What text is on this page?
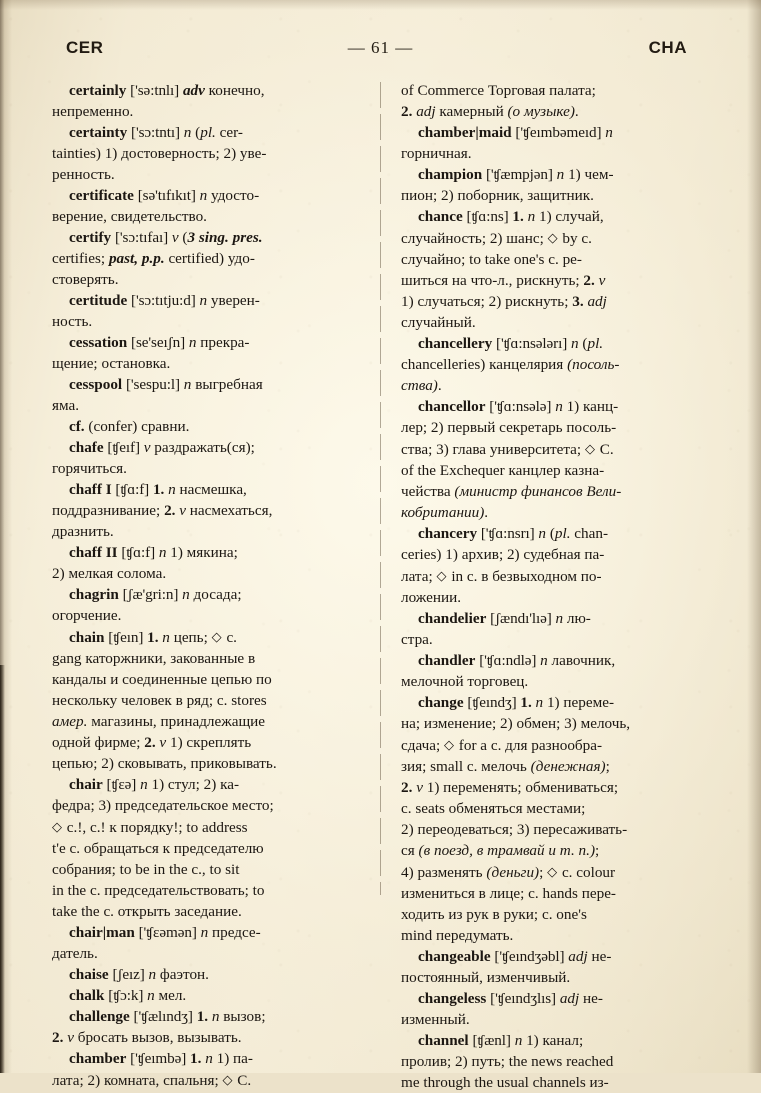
CER	— 61 —	CHA

certainly ['sə:tnlı] adv конечно,

непременно.

certainty ['sɔ:tntı] n (pl. cer-

tainties) 1) достоверность; 2) уве-

ренность.

certificate [sə'tıfıkıt] n удосто-

верение, свидетельство.

certify ['sɔ:tıfaı] v (3 sing. pres.

certifies; past, p.p. certified) удо-

стоверять.

certitude ['sɔ:tıtju:d] n уверен-

ность.

cessation [se'seıʃn] n прекра-

щение; остановка.

cesspool ['sespu:l] n выгребная

яма.

cf. (confer) сравни.

chafe [ʧeıf] v раздражать(ся);

горячиться.

chaff I [ʧɑ:f] 1. n насмешка,

поддразнивание; 2. v насмехаться,

дразнить.

chaff II [ʧɑ:f] n 1) мякина;

2) мелкая солома.

chagrin [ʃæ'gri:n] n досада;

огорчение.

chain [ʧeın] 1. n цепь; ◇ c.

gang каторжники, закованные в

кандалы и соединенные цепью по

нескольку человек в ряд; c. stores

амер. магазины, принадлежащие

одной фирме; 2. v 1) скреплять

цепью; 2) сковывать, приковывать.

chair [ʧɛə] n 1) стул; 2) ка-

федра; 3) председательское место;

◇ c.!, c.! к порядку!; to address

t'e c. обращаться к председателю

собрания; to be in the c., to sit

in the c. председательствовать; to

take the c. открыть заседание.

chair|man ['ʧɛəmən] n предсе-

датель.

chaise [ʃeız] n фаэтон.

chalk [ʧɔ:k] n мел.

challenge ['ʧælındʒ] 1. n вызов;

2. v бросать вызов, вызывать.

chamber ['ʧeımbə] 1. n 1) па-

лата; 2) комната, спальня; ◇ C.

of Commerce Торговая палата;

2. adj камерный (о музыке).

chamber|maid ['ʧeımbəmeıd] n

горничная.

champion ['ʧæmpjən] n 1) чем-

пион; 2) поборник, защитник.

chance [ʧɑ:ns] 1. n 1) случай,

случайность; 2) шанс; ◇ by c.

случайно; to take one's c. ре-

шиться на что-л., рискнуть; 2. v

1) случаться; 2) рискнуть; 3. adj

случайный.

chancellery ['ʧɑ:nsələrı] n (pl.

chancelleries) канцелярия (посоль-

ства).

chancellor ['ʧɑ:nsələ] n 1) канц-

лер; 2) первый секретарь посоль-

ства; 3) глава университета; ◇ C.

of the Exchequer канцлер казна-

чейства (министр финансов Вели-

кобритании).

chancery ['ʧɑ:nsrı] n (pl. chan-

ceries) 1) архив; 2) судебная па-

лата; ◇ in c. в безвыходном по-

ложении.

chandelier [ʃændı'lıə] n лю-

стра.

chandler ['ʧɑ:ndlə] n лавочник,

мелочной торговец.

change [ʧeındʒ] 1. n 1) переме-

на; изменение; 2) обмен; 3) мелочь,

сдача; ◇ for a c. для разнообра-

зия; small c. мелочь (денежная);

2. v 1) переменять; обмениваться;

c. seats обменяться местами;

2) переодеваться; 3) пересаживать-

ся (в поезд, в трамвай и т. п.);

4) разменять (деньги); ◇ c. colour

измениться в лице; c. hands пере-

ходить из рук в руки; c. one's

mind передумать.

changeable ['ʧeındʒəbl] adj не-

постоянный, изменчивый.

changeless ['ʧeındʒlıs] adj не-

изменный.

channel [ʧænl] n 1) канал;

пролив; 2) путь; the news reached

me through the usual channels из-
